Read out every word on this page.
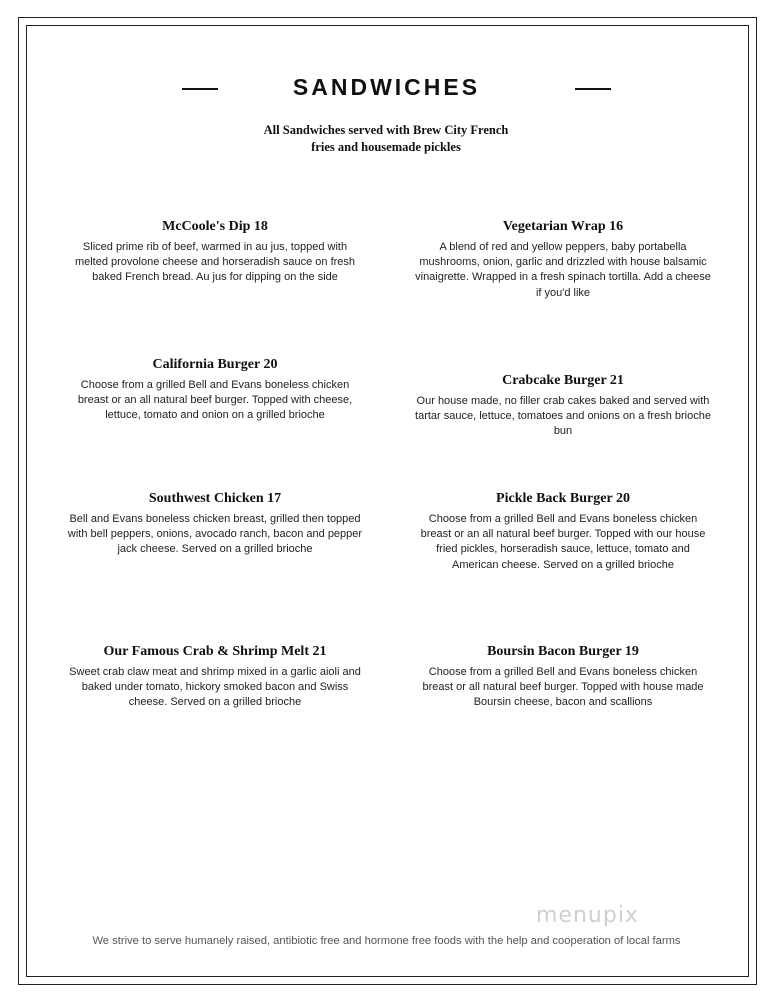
SANDWICHES
All Sandwiches served with Brew City French
fries and housemade pickles
McCoole's Dip 18
Sliced prime rib of beef, warmed in au jus, topped with melted provolone cheese and horseradish sauce on fresh baked French bread. Au jus for dipping on the side
Vegetarian Wrap 16
A blend of red and yellow peppers, baby portabella mushrooms, onion, garlic and drizzled with house balsamic vinaigrette. Wrapped in a fresh spinach tortilla. Add a cheese if you'd like
California Burger 20
Choose from a grilled Bell and Evans boneless chicken breast or an all natural beef burger. Topped with cheese, lettuce, tomato and onion on a grilled brioche
Crabcake Burger 21
Our house made, no filler crab cakes baked and served with tartar sauce, lettuce, tomatoes and onions on a fresh brioche bun
Southwest Chicken 17
Bell and Evans boneless chicken breast, grilled then topped with bell peppers, onions, avocado ranch, bacon and pepper jack cheese. Served on a grilled brioche
Pickle Back Burger 20
Choose from a grilled Bell and Evans boneless chicken breast or an all natural beef burger. Topped with our house fried pickles, horseradish sauce, lettuce, tomato and American cheese. Served on a grilled brioche
Our Famous Crab & Shrimp Melt 21
Sweet crab claw meat and shrimp mixed in a garlic aioli and baked under tomato, hickory smoked bacon and Swiss cheese. Served on a grilled brioche
Boursin Bacon Burger 19
Choose from a grilled Bell and Evans boneless chicken breast or all natural beef burger. Topped with house made Boursin cheese, bacon and scallions
menupix
We strive to serve humanely raised, antibiotic free and hormone free foods with the help and cooperation of local farms
